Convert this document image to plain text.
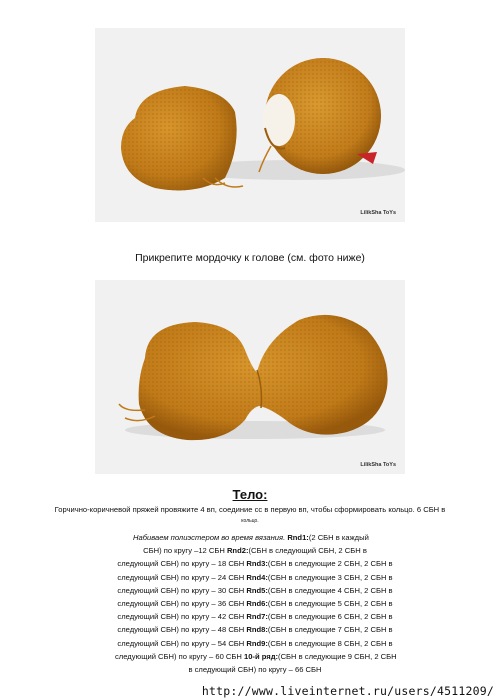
LilikSha ToYs
Прикрепите мордочку к голове (см. фото ниже)
LilikSha ToYs
Тело:
Горчично-коричневой пряжей провяжите 4 вп, соединие сс в первую вп, чтобы сформировать кольцо. 6 СБН в
кольцо.
Набиваем полиэстером во время вязания. Rnd1:(2 СБН в каждый
СБН) по кругу –12 СБН Rnd2:(СБН в следующий СБН, 2 СБН в
следующий СБН) по кругу – 18 СБН Rnd3:(СБН в следующие 2 СБН, 2 СБН в
следующий СБН) по кругу – 24 СБН Rnd4:(СБН в следующие 3 СБН, 2 СБН в
следующий СБН) по кругу – 30 СБН Rnd5:(СБН в следующие 4 СБН, 2 СБН в
следующий СБН) по кругу – 36 СБН Rnd6:(СБН в следующие 5 СБН, 2 СБН в
следующий СБН) по кругу – 42 СБН Rnd7:(СБН в следующие 6 СБН, 2 СБН в
следующий СБН) по кругу – 48 СБН Rnd8:(СБН в следующие 7 СБН, 2 СБН в
следующий СБН) по кругу – 54 СБН Rnd9:(СБН в следующие 8 СБН, 2 СБН в
следующий СБН) по кругу – 60 СБН 10-й ряд:(СБН в следующие 9 СБН, 2 СБН
в следующий СБН) по кругу – 66 СБН
http://www.liveinternet.ru/users/4511209/
